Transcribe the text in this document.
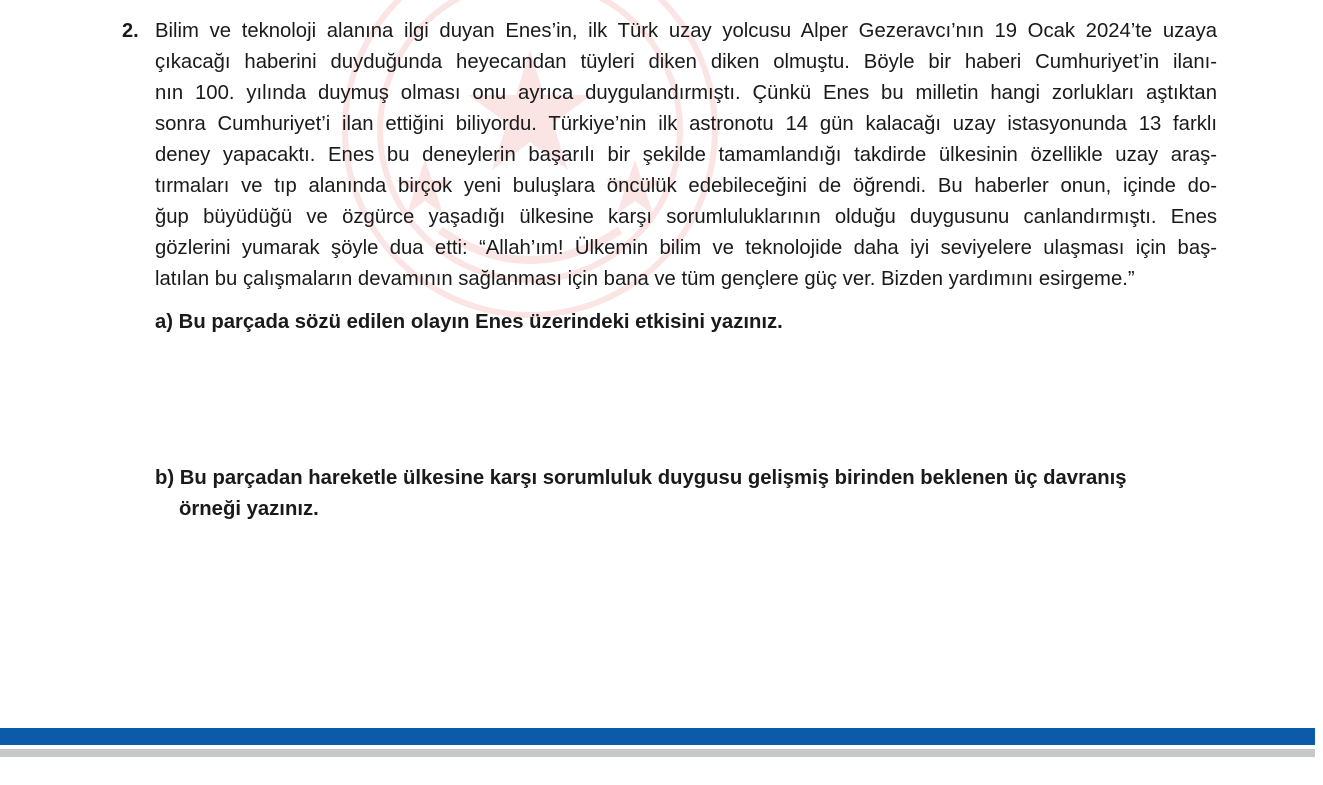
2. Bilim ve teknoloji alanına ilgi duyan Enes’in, ilk Türk uzay yolcusu Alper Gezeravcı’nın 19 Ocak 2024’te uzaya
çıkacağı haberini duyduğunda heyecandan tüyleri diken diken olmuştu. Böyle bir haberi Cumhuriyet’in ilanı-
nın 100. yılında duymuş olması onu ayrıca duygulandırmıştı. Çünkü Enes bu milletin hangi zorlukları aştıktan
sonra Cumhuriyet’i ilan ettiğini biliyordu. Türkiye’nin ilk astronotu 14 gün kalacağı uzay istasyonunda 13 farklı
deney yapacaktı. Enes bu deneylerin başarılı bir şekilde tamamlandığı takdirde ülkesinin özellikle uzay araş-
tırmaları ve tıp alanında birçok yeni buluşlara öncülük edebileceğini de öğrendi. Bu haberler onun, içinde do-
ğup büyüdüğü ve özgürce yaşadığı ülkesine karşı sorumluluklarının olduğu duygusunu canlandırmıştı. Enes
gözlerini yumarak şöyle dua etti: “Allah’ım! Ülkemin bilim ve teknolojide daha iyi seviyelere ulaşması için baş-
latılan bu çalışmaların devamının sağlanması için bana ve tüm gençlere güç ver. Bizden yardımını esirgeme.”
a) Bu parçada sözü edilen olayın Enes üzerindeki etkisini yazınız.
b) Bu parçadan hareketle ülkesine karşı sorumluluk duygusu gelişmiş birinden beklenen üç davranış
örneği yazınız.
